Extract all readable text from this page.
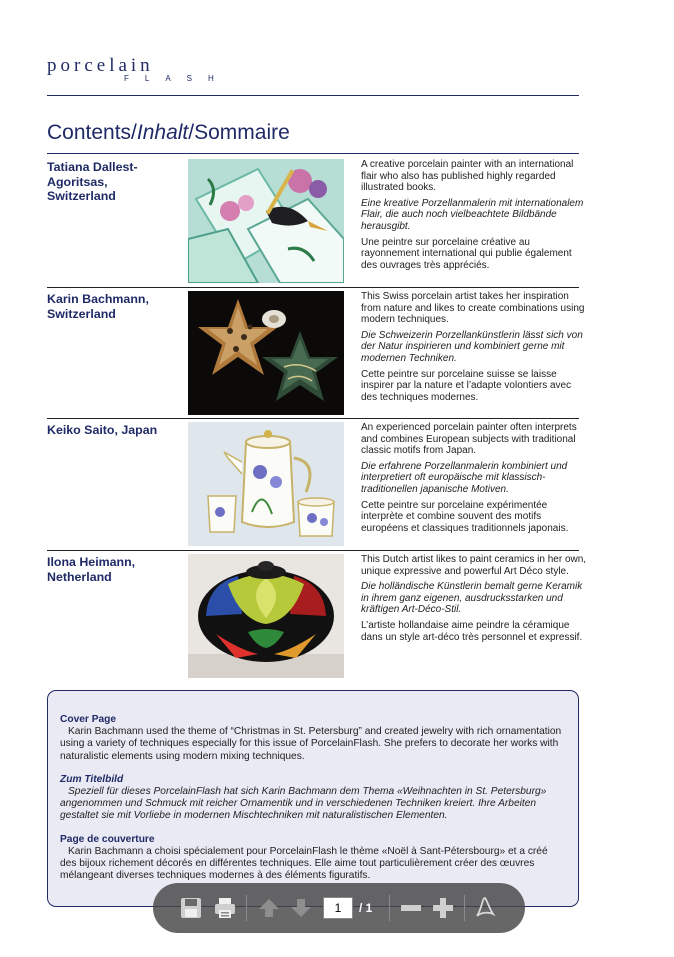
porcelain
FLASH
Contents/Inhalt/Sommaire
Tatiana Dallest-Agoritsas, Switzerland

A creative porcelain painter with an international flair who also has published highly regarded illustrated books.

Eine kreative Porzellanmalerin mit internationalem Flair, die auch noch vielbeachtete Bildbände herausgibt.

Une peintre sur porcelaine créative au rayonnement international qui publie également des ouvrages très appréciés.

Karin Bachmann, Switzerland

This Swiss porcelain artist takes her inspiration from nature and likes to create combinations using modern techniques.

Die Schweizerin Porzellankünstlerin lässt sich von der Natur inspirieren und kombiniert gerne mit modernen Techniken.

Cette peintre sur porcelaine suisse se laisse inspirer par la nature et l’adapte volontiers avec des techniques modernes.

Keiko Saito, Japan	An experienced porcelain painter often interprets and combines European subjects with traditional classic motifs from Japan.

Die erfahrene Porzellanmalerin kombiniert und interpretiert oft europäische mit klassisch-traditionellen japanische Motiven.

Cette peintre sur porcelaine expérimentée interprète et combine souvent des motifs européens et classiques traditionnels japonais.

Ilona Heimann, Netherland

This Dutch artist likes to paint ceramics in her own, unique expressive and powerful Art Déco style.

Die holländische Künstlerin bemalt gerne Keramik in ihrem ganz eigenen, ausdrucksstarken und kräftigen Art-Déco-Stil.

L’artiste hollandaise aime peindre la céramique dans un style art-déco très personnel et expressif.

Cover Page

Karin Bachmann used the theme of “Christmas in St. Petersburg” and created jewelry with rich ornamentation using a variety of techniques especially for this issue of PorcelainFlash. She prefers to decorate her works with naturalistic elements using modern mixing techniques.

Zum Titelbild

Speziell für dieses PorcelainFlash hat sich Karin Bachmann dem Thema «Weihnachten in St. Petersburg» angenommen und Schmuck mit reicher Ornamentik und in verschiedenen Techniken kreiert. Ihre Arbeiten gestaltet sie mit Vorliebe in modernen Mischtechniken mit naturalistischen Elementen.

Page de couverture

Karin Bachmann a choisi spécialement pour PorcelainFlash le thème «Noël à Sant-Pétersbourg» et a créé des bijoux richement décorés en différentes techniques. Elle aime tout particulièrement créer des œuvres mélangeant diverses techniques modernes à des éléments figuratifs.

1	/ 1
